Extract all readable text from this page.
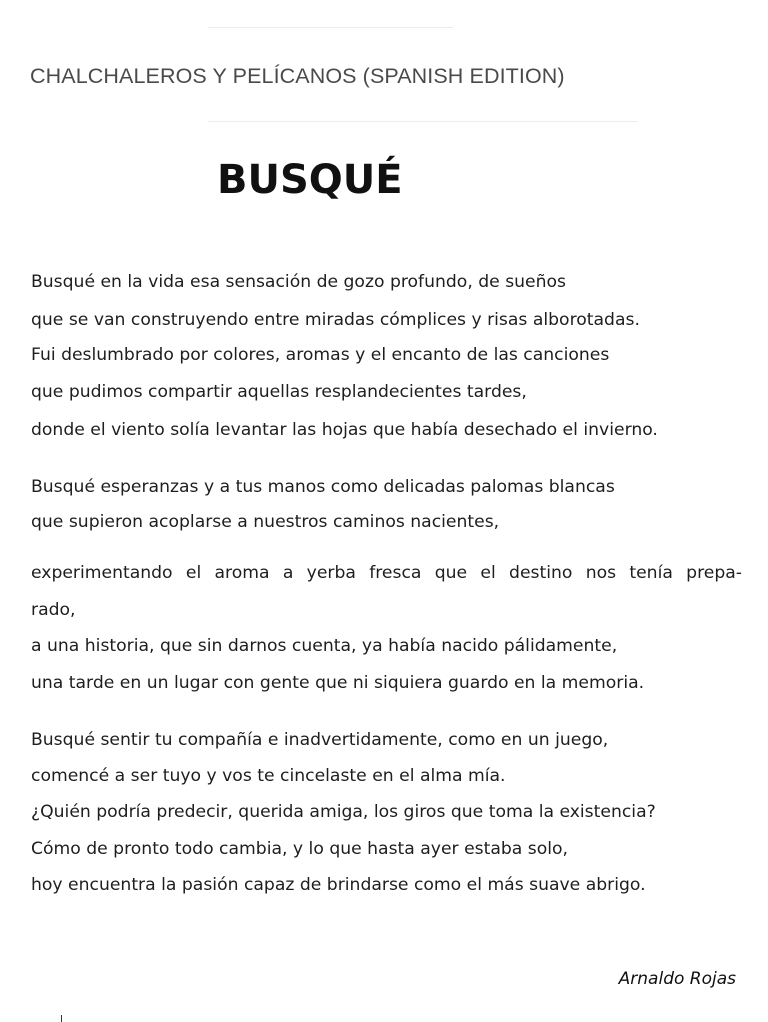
CHALCHALEROS Y PELÍCANOS (SPANISH EDITION)
BUSQUÉ
Busqué en la vida esa sensación de gozo profundo, de sueños
que se van construyendo entre miradas cómplices y risas alborotadas.
Fui deslumbrado por colores, aromas y el encanto de las canciones
que pudimos compartir aquellas resplandecientes tardes,
donde el viento solía levantar las hojas que había desechado el invierno.
Busqué esperanzas y a tus manos como delicadas palomas blancas
que supieron acoplarse a nuestros caminos nacientes,
experimentando el aroma a yerba fresca que el destino nos tenía prepa-
rado,
a una historia, que sin darnos cuenta, ya había nacido pálidamente,
una tarde en un lugar con gente que ni siquiera guardo en la memoria.
Busqué sentir tu compañía e inadvertidamente, como en un juego,
comencé a ser tuyo y vos te cincelaste en el alma mía.
¿Quién podría predecir, querida amiga, los giros que toma la existencia?
Cómo de pronto todo cambia, y lo que hasta ayer estaba solo,
hoy encuentra la pasión capaz de brindarse como el más suave abrigo.
Arnaldo Rojas
